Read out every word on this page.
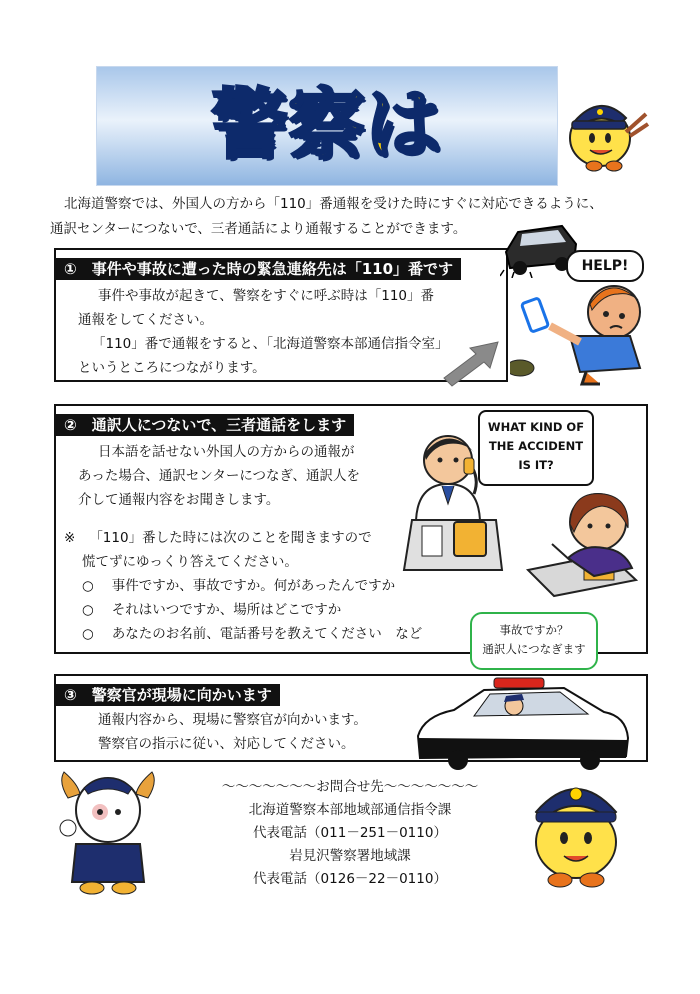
警察は

北海道警察では、外国人の方から「110」番通報を受けた時にすぐに対応できるように、

通訳センターにつないで、三者通話により通報することができます。

①　事件や事故に遭った時の緊急連絡先は「110」番です

事件や事故が起きて、警察をすぐに呼ぶ時は「110」番

通報をしてください。

「110」番で通報をすると、「北海道警察本部通信指令室」

というところにつながります。

HELP!
②　通訳人につないで、三者通話をします

日本語を話せない外国人の方からの通報が

あった場合、通訳センターにつなぎ、通訳人を

介して通報内容をお聞きします。

※ 「110」番した時には次のことを聞きますので

慌てずにゆっくり答えてください。

○ 事件ですか、事故ですか。何があったんですか

○ それはいつですか、場所はどこですか

○ あなたのお名前、電話番号を教えてください　など

WHAT KIND OF
THE ACCIDENT
IS IT?
事故ですか？
通訳人につなぎます
③　警察官が現場に向かいます

通報内容から、現場に警察官が向かいます。

警察官の指示に従い、対応してください。

～～～～～～～お問合せ先～～～～～～～

北海道警察本部地域部通信指令課

代表電話（011－251－0110）

岩見沢警察署地域課

代表電話（0126－22－0110）
